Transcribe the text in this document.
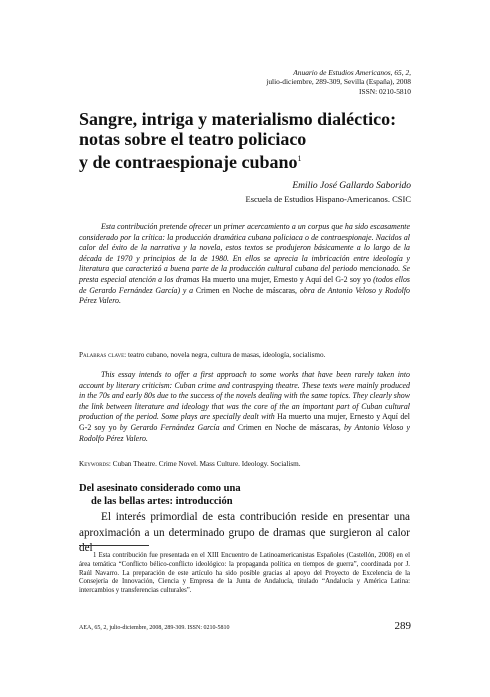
Anuario de Estudios Americanos, 65, 2,
julio-diciembre, 289-309, Sevilla (España), 2008
ISSN: 0210-5810
Sangre, intriga y materialismo dialéctico:
notas sobre el teatro policiaco
y de contraespionaje cubano$^1$
Emilio José Gallardo Saborido
Escuela de Estudios Hispano-Americanos. CSIC

Esta contribución pretende ofrecer un primer acercamiento a un corpus que ha sido escasamente considerado por la crítica: la producción dramática cubana policiaca o de contraespionaje. Nacidos al calor del éxito de la narrativa y la novela, estos textos se produjeron básicamente a lo largo de la década de 1970 y principios de la de 1980. En ellos se aprecia la imbricación entre ideología y literatura que caracterizó a buena parte de la producción cultural cubana del periodo mencionado. Se presta especial atención a los dramas Ha muerto una mujer, Ernesto y Aquí del G-2 soy yo (todos ellos de Gerardo Fernández García) y a Crimen en Noche de máscaras, obra de Antonio Veloso y Rodolfo Pérez Valero.

Palabras clave: teatro cubano, novela negra, cultura de masas, ideología, socialismo.

This essay intends to offer a first approach to some works that have been rarely taken into account by literary criticism: Cuban crime and contraspying theatre. These texts were mainly produced in the 70s and early 80s due to the success of the novels dealing with the same topics. They clearly show the link between literature and ideology that was the core of the an important part of Cuban cultural production of the period. Some plays are specially dealt with Ha muerto una mujer, Ernesto y Aquí del G-2 soy yo by Gerardo Fernández García and Crimen en Noche de máscaras, by Antonio Veloso y Rodolfo Pérez Valero.

Keywords: Cuban Theatre. Crime Novel. Mass Culture. Ideology. Socialism.
Del asesinato considerado como una
de las bellas artes: introducción

El interés primordial de esta contribución reside en presentar una aproximación a un determinado grupo de dramas que surgieron al calor del

1 Esta contribución fue presentada en el XIII Encuentro de Latinoamericanistas Españoles (Castellón, 2008) en el área temática “Conflicto bélico-conflicto ideológico: la propaganda política en tiempos de guerra”, coordinada por J. Raúl Navarro. La preparación de este artículo ha sido posible gracias al apoyo del Proyecto de Excelencia de la Consejería de Innovación, Ciencia y Empresa de la Junta de Andalucía, titulado “Andalucía y América Latina: intercambios y transferencias culturales”.

AEA, 65, 2, julio-diciembre, 2008, 289-309. ISSN: 0210-5810	289
